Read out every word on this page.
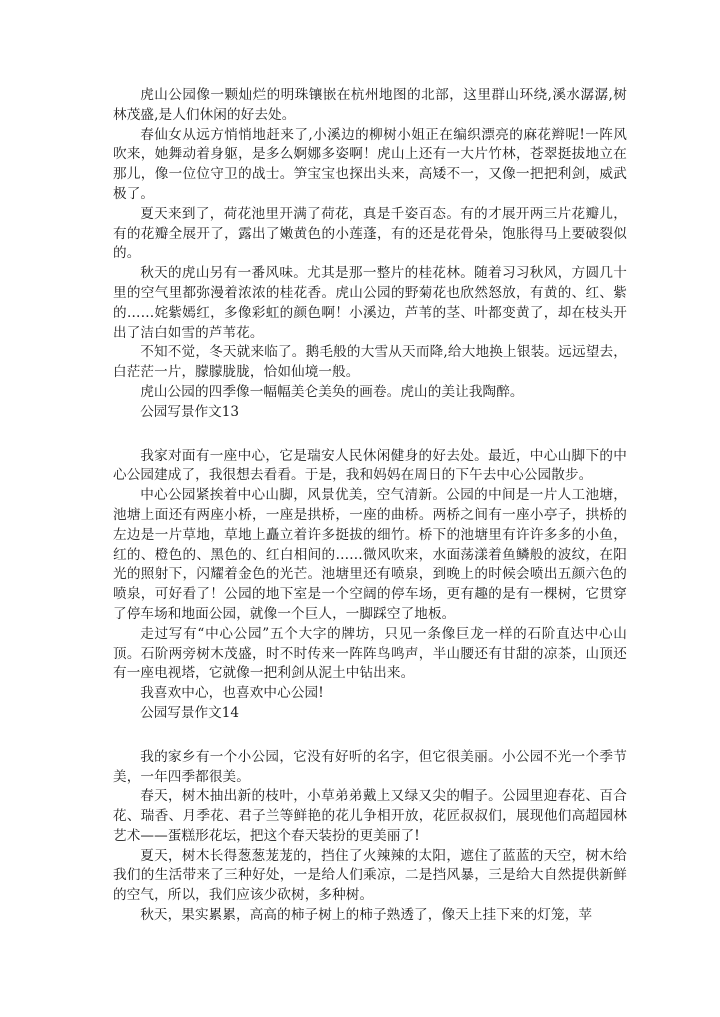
虎山公园像一颗灿烂的明珠镶嵌在杭州地图的北部，这里群山环绕,溪水潺潺,树林茂盛,是人们休闲的好去处。

春仙女从远方悄悄地赶来了,小溪边的柳树小姐正在编织漂亮的麻花辫呢!一阵风吹来，她舞动着身躯，是多么婀娜多姿啊！虎山上还有一大片竹林，苍翠挺拔地立在那儿，像一位位守卫的战士。笋宝宝也探出头来，高矮不一，又像一把把利剑，威武极了。

夏天来到了，荷花池里开满了荷花，真是千姿百态。有的才展开两三片花瓣儿，有的花瓣全展开了，露出了嫩黄色的小莲蓬，有的还是花骨朵，饱胀得马上要破裂似的。

秋天的虎山另有一番风味。尤其是那一整片的桂花林。随着习习秋风，方圆几十里的空气里都弥漫着浓浓的桂花香。虎山公园的野菊花也欣然怒放，有黄的、红、紫的……姹紫嫣红，多像彩虹的颜色啊！小溪边，芦苇的茎、叶都变黄了，却在枝头开出了洁白如雪的芦苇花。

不知不觉，冬天就来临了。鹅毛般的大雪从天而降,给大地换上银装。远远望去，白茫茫一片，朦朦胧胧，恰如仙境一般。

虎山公园的四季像一幅幅美仑美奂的画卷。虎山的美让我陶醉。

公园写景作文13

我家对面有一座中心，它是瑞安人民休闲健身的好去处。最近，中心山脚下的中心公园建成了，我很想去看看。于是，我和妈妈在周日的下午去中心公园散步。

中心公园紧挨着中心山脚，风景优美，空气清新。公园的中间是一片人工池塘，池塘上面还有两座小桥，一座是拱桥，一座的曲桥。两桥之间有一座小亭子，拱桥的左边是一片草地，草地上矗立着许多挺拔的细竹。桥下的池塘里有许许多多的小鱼，红的、橙色的、黑色的、红白相间的……微风吹来，水面荡漾着鱼鳞般的波纹，在阳光的照射下，闪耀着金色的光芒。池塘里还有喷泉，到晚上的时候会喷出五颜六色的喷泉，可好看了！公园的地下室是一个空阔的停车场，更有趣的是有一棵树，它贯穿了停车场和地面公园，就像一个巨人，一脚踩空了地板。

走过写有“中心公园”五个大字的牌坊，只见一条像巨龙一样的石阶直达中心山顶。石阶两旁树木茂盛，时不时传来一阵阵鸟鸣声，半山腰还有甘甜的凉茶，山顶还有一座电视塔，它就像一把利剑从泥土中钻出来。

我喜欢中心，也喜欢中心公园!

公园写景作文14

我的家乡有一个小公园，它没有好听的名字，但它很美丽。小公园不光一个季节美，一年四季都很美。

春天，树木抽出新的枝叶，小草弟弟戴上又绿又尖的帽子。公园里迎春花、百合花、瑞香、月季花、君子兰等鲜艳的花儿争相开放，花匠叔叔们，展现他们高超园林艺术——蛋糕形花坛，把这个春天装扮的更美丽了!

夏天，树木长得葱葱茏茏的，挡住了火辣辣的太阳，遮住了蓝蓝的天空，树木给我们的生活带来了三种好处，一是给人们乘凉，二是挡风暴，三是给大自然提供新鲜的空气，所以，我们应该少砍树，多种树。

秋天，果实累累，高高的柿子树上的柿子熟透了，像天上挂下来的灯笼，苹
